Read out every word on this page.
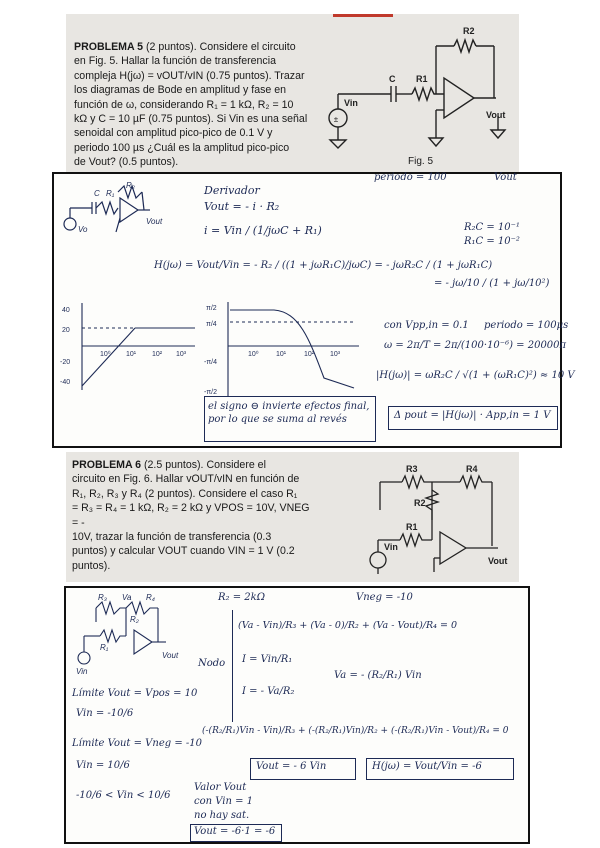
PROBLEMA 5 (2 puntos). Considere el circuito
en Fig. 5. Hallar la función de transferencia
compleja H(jω) = vOUT/vIN (0.75 puntos). Trazar
los diagramas de Bode en amplitud y fase en
función de ω, considerando R₁ = 1 kΩ, R₂ = 10
kΩ y C = 10 µF (0.75 puntos). Si Vin es una señal
senoidal con amplitud pico-pico de 0.1 V y
periodo 100 µs ¿Cuál es la amplitud pico-pico
de Vout? (0.5 puntos).	Fig. 5
R2
C R1
Vin
Vout
±
periodo = 100	Vout
C R₁
R₂
Vo
Vout
Derivador
Vout = - i · R₂
i = Vin / (1/jωC + R₁)	R₂C = 10⁻¹
R₁C = 10⁻²
H(jω) = Vout/Vin = - R₂ / ((1 + jωR₁C)/jωC) = - jωR₂C / (1 + jωR₁C)
= - jω/10 / (1 + jω/10²)
40
20
-20
-40
10⁰ 10¹ 10² 10³
π/2
π/4
-π/4
-π/2
10⁰ 10¹	10² 10³
con Vpp,in = 0.1 periodo = 100µs
ω = 2π/T = 2π/(100·10⁻⁶) = 20000π
|H(jω)| = ωR₂C / √(1 + (ωR₁C)²) ≈ 10 V
el signo ⊖ invierte efectos final, por lo que se suma al revés	Δ pout = |H(jω)| · App,in = 1 V
PROBLEMA 6 (2.5 puntos). Considere el
circuito en Fig. 6. Hallar vOUT/vIN en función de
R₁, R₂, R₃ y R₄ (2 puntos). Considere el caso R₁
= R₃ = R₄ = 1 kΩ, R₂ = 2 kΩ y VPOS = 10V, VNEG = -
10V, trazar la función de transferencia (0.3
puntos) y calcular VOUT cuando VIN = 1 V (0.2
puntos).
R3	R4
R2
R1
Vin
Vout
R₃ Va R₄
R₂
R₁
Vin
Vout
R₂ = 2kΩ	Vneg = -10
(Va - Vin)/R₃ + (Va - 0)/R₂ + (Va - Vout)/R₄ = 0
Nodo I = Vin/R₁
I = - Va/R₂
Va = - (R₂/R₁) Vin
Límite Vout = Vpos = 10
Vin = -10/6
Límite Vout = Vneg = -10
Vin = 10/6
-10/6 < Vin < 10/6
(-(R₂/R₁)Vin - Vin)/R₃ + (-(R₂/R₁)Vin)/R₂ + (-(R₂/R₁)Vin - Vout)/R₄ = 0
Vout = - 6 Vin	H(jω) = Vout/Vin = -6
Valor Vout
con Vin = 1
no hay sat.
Vout = -6·1 = -6
